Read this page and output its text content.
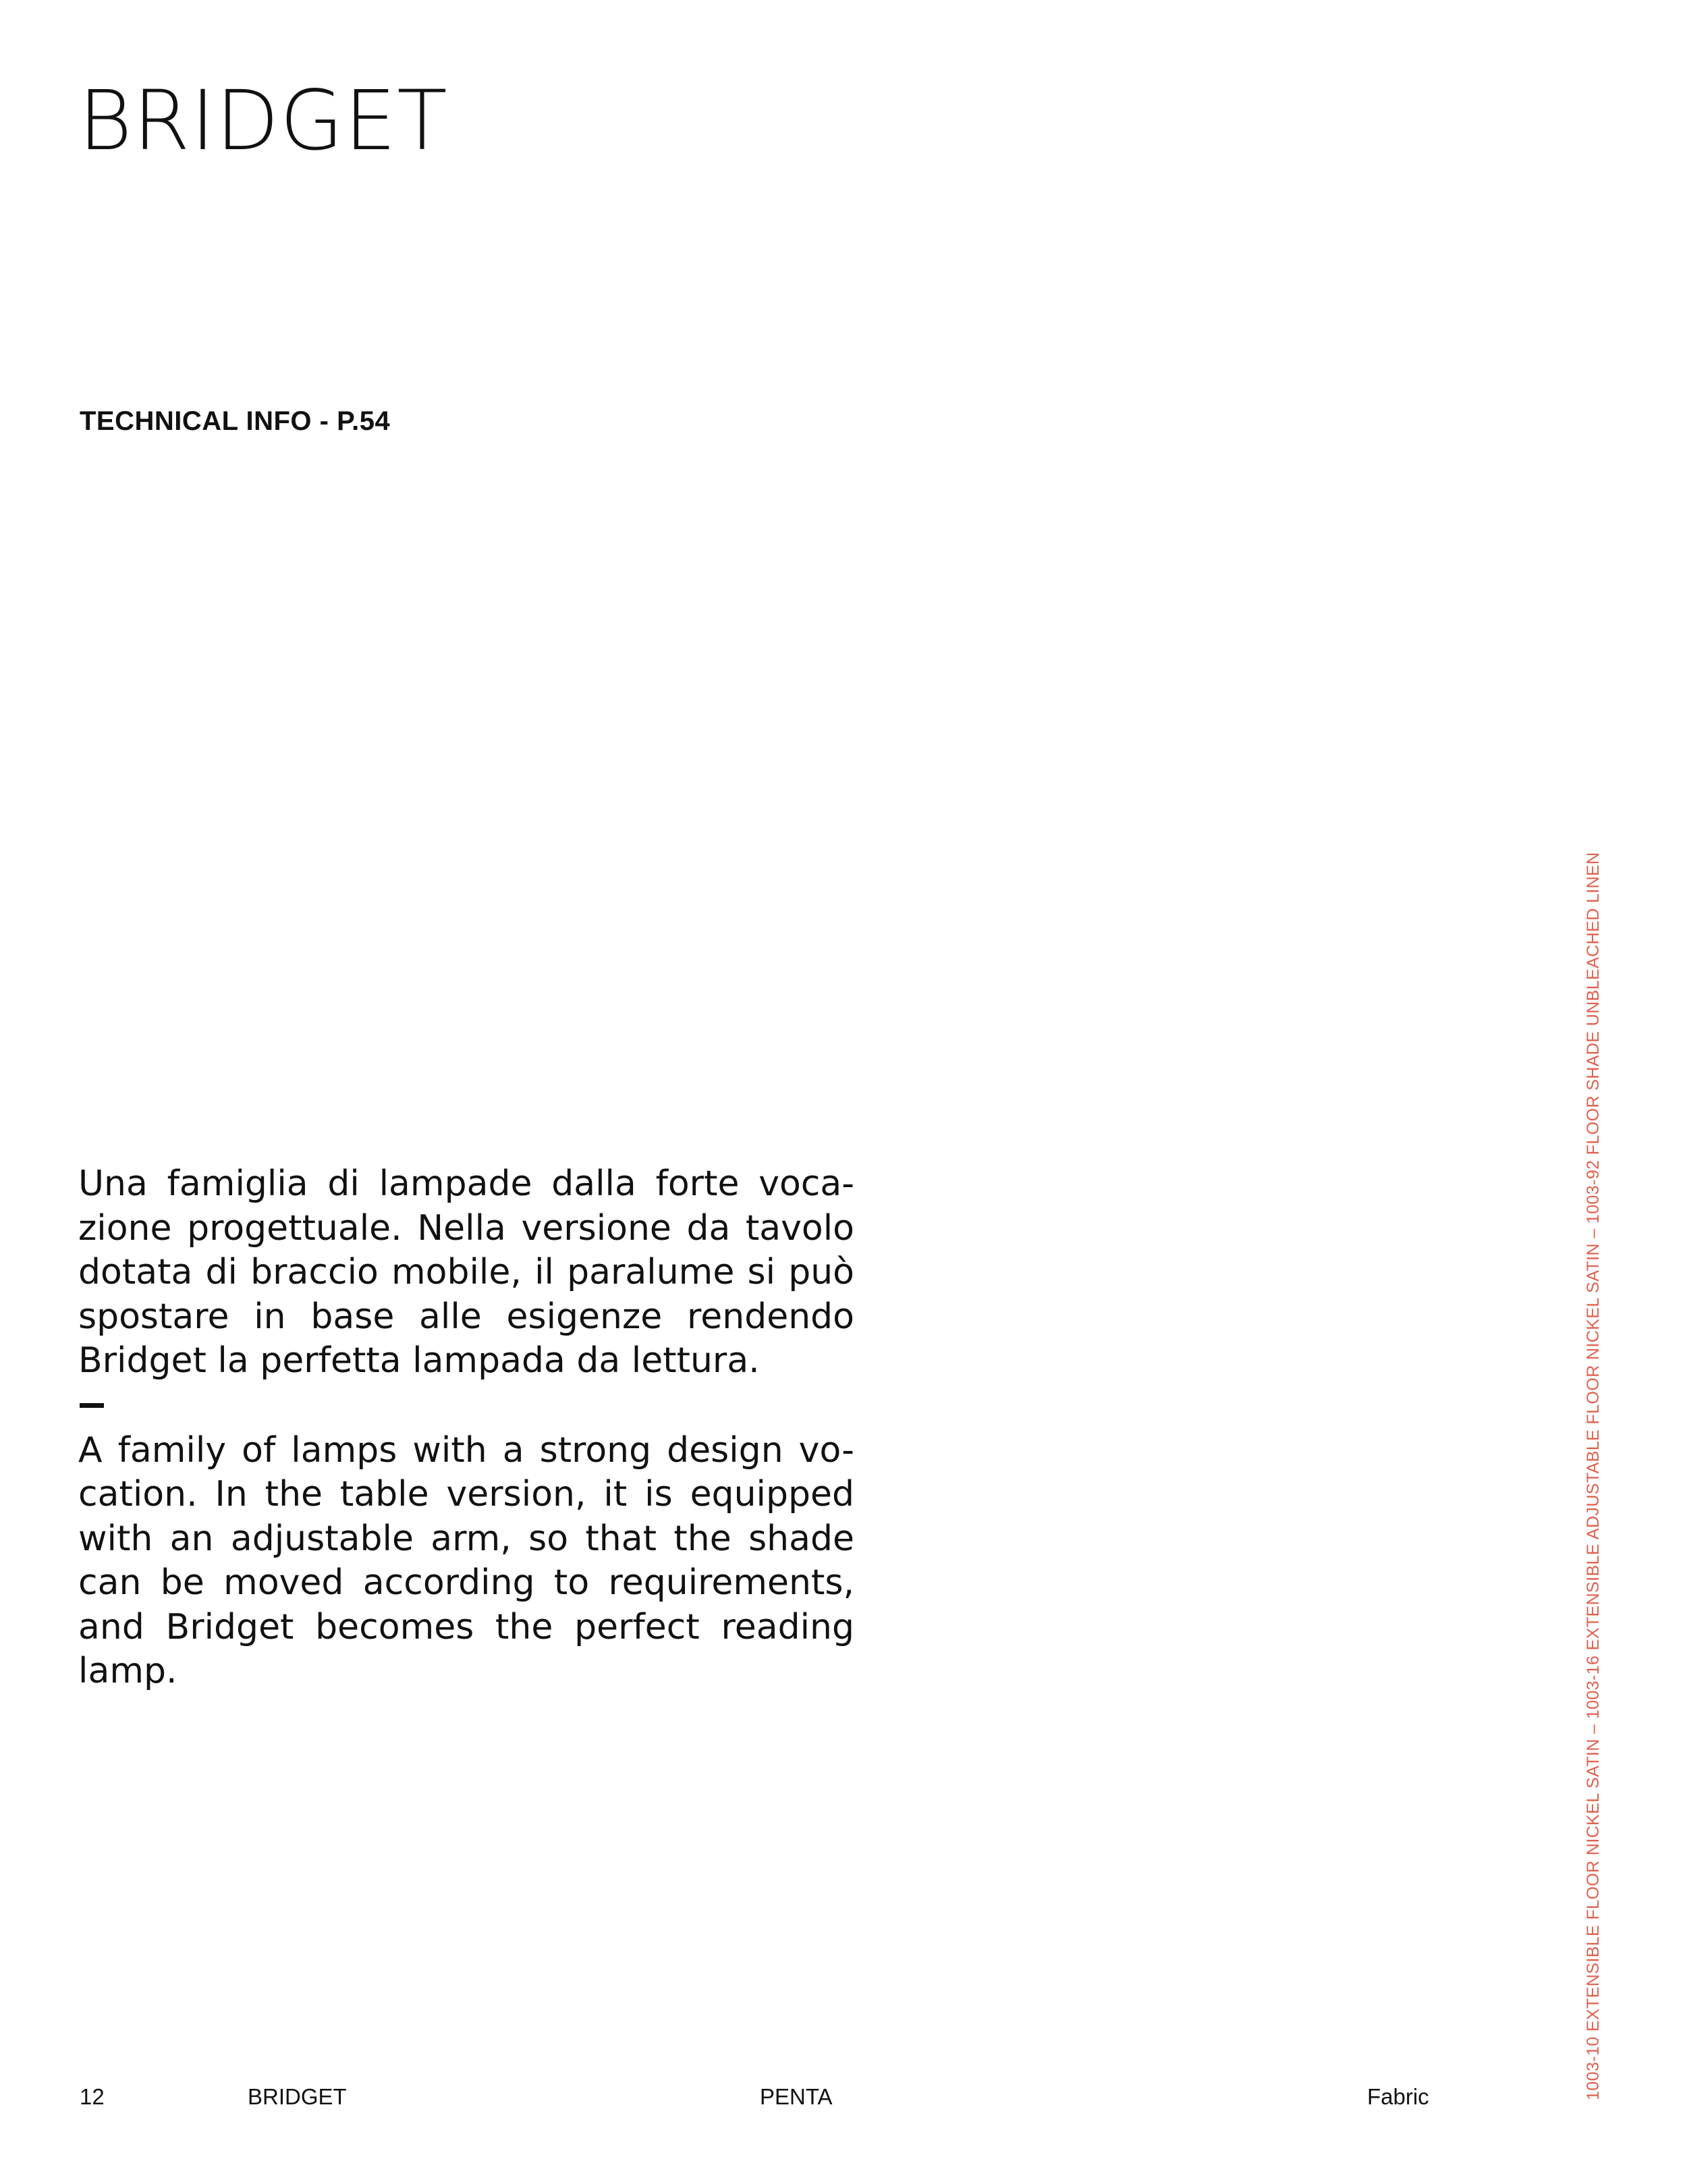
BRIDGET
TECHNICAL INFO - P.54

Una famiglia di lampade dalla forte voca-zione progettuale. Nella versione da tavolo dotata di braccio mobile, il paralume si può spostare in base alle esigenze rendendo Bridget la perfetta lampada da lettura.

A family of lamps with a strong design vo-cation. In the table version, it is equipped with an adjustable arm, so that the shade can be moved according to requirements, and Bridget becomes the perfect reading lamp.	1003-10 EXTENSIBLE FLOOR NICKEL SATIN – 1003-16 EXTENSIBLE ADJUSTABLE FLOOR NICKEL SATIN – 1003-92 FLOOR SHADE UNBLEACHED LINEN
12	BRIDGET	PENTA	Fabric
